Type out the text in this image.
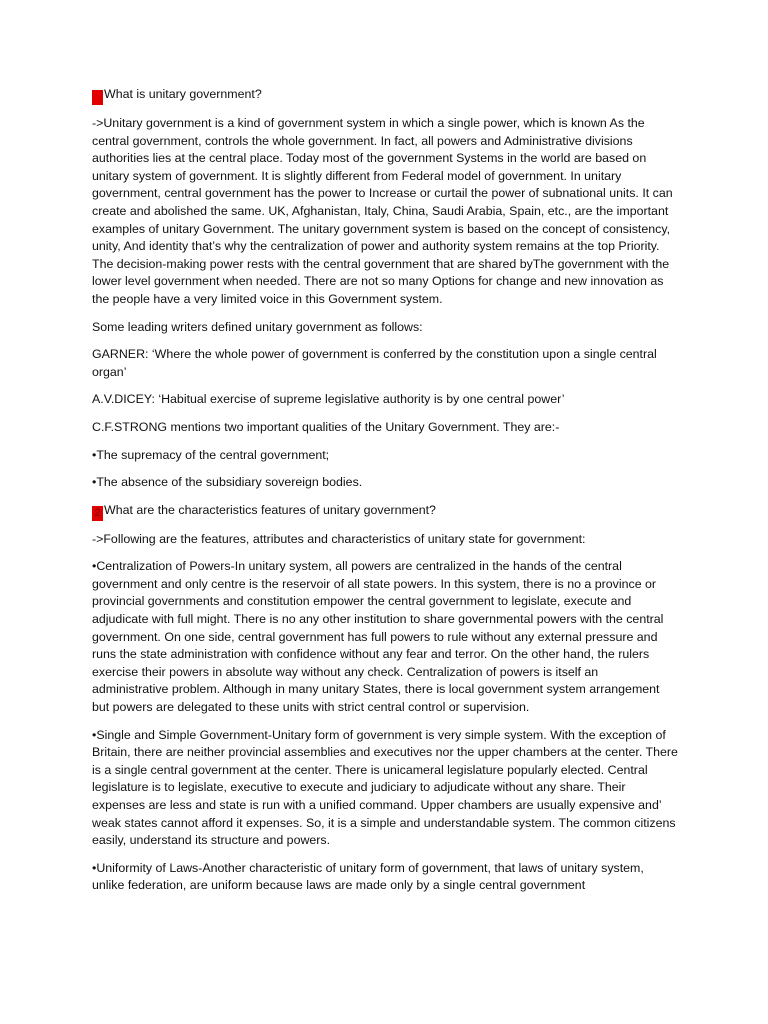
1 What is unitary government?

->Unitary government is a kind of government system in which a single power, which is known As the central government, controls the whole government. In fact, all powers and Administrative divisions authorities lies at the central place. Today most of the government Systems in the world are based on unitary system of government. It is slightly different from Federal model of government. In unitary government, central government has the power to Increase or curtail the power of subnational units. It can create and abolished the same. UK, Afghanistan, Italy, China, Saudi Arabia, Spain, etc., are the important examples of unitary Government. The unitary government system is based on the concept of consistency, unity, And identity that’s why the centralization of power and authority system remains at the top Priority. The decision-making power rests with the central government that are shared byThe government with the lower level government when needed. There are not so many Options for change and new innovation as the people have a very limited voice in this Government system.

Some leading writers defined unitary government as follows:

GARNER: ‘Where the whole power of government is conferred by the constitution upon a single central organ’

A.V.DICEY: ‘Habitual exercise of supreme legislative authority is by one central power’

C.F.STRONG mentions two important qualities of the Unitary Government. They are:-

•The supremacy of the central government;

•The absence of the subsidiary sovereign bodies.

2 What are the characteristics features of unitary government?

->Following are the features, attributes and characteristics of unitary state for government:

•Centralization of Powers-In unitary system, all powers are centralized in the hands of the central government and only centre is the reservoir of all state powers. In this system, there is no a province or provincial governments and constitution empower the central government to legislate, execute and adjudicate with full might. There is no any other institution to share governmental powers with the central government. On one side, central government has full powers to rule without any external pressure and runs the state administration with confidence without any fear and terror. On the other hand, the rulers exercise their powers in absolute way without any check. Centralization of powers is itself an administrative problem. Although in many unitary States, there is local government system arrangement but powers are delegated to these units with strict central control or supervision.

•Single and Simple Government-Unitary form of government is very simple system. With the exception of Britain, there are neither provincial assemblies and executives nor the upper chambers at the center. There is a single central government at the center. There is unicameral legislature popularly elected. Central legislature is to legislate, executive to execute and judiciary to adjudicate without any share. Their expenses are less and state is run with a unified command. Upper chambers are usually expensive and’ weak states cannot afford it expenses. So, it is a simple and understandable system. The common citizens easily, understand its structure and powers.

•Uniformity of Laws-Another characteristic of unitary form of government, that laws of unitary system, unlike federation, are uniform because laws are made only by a single central government
